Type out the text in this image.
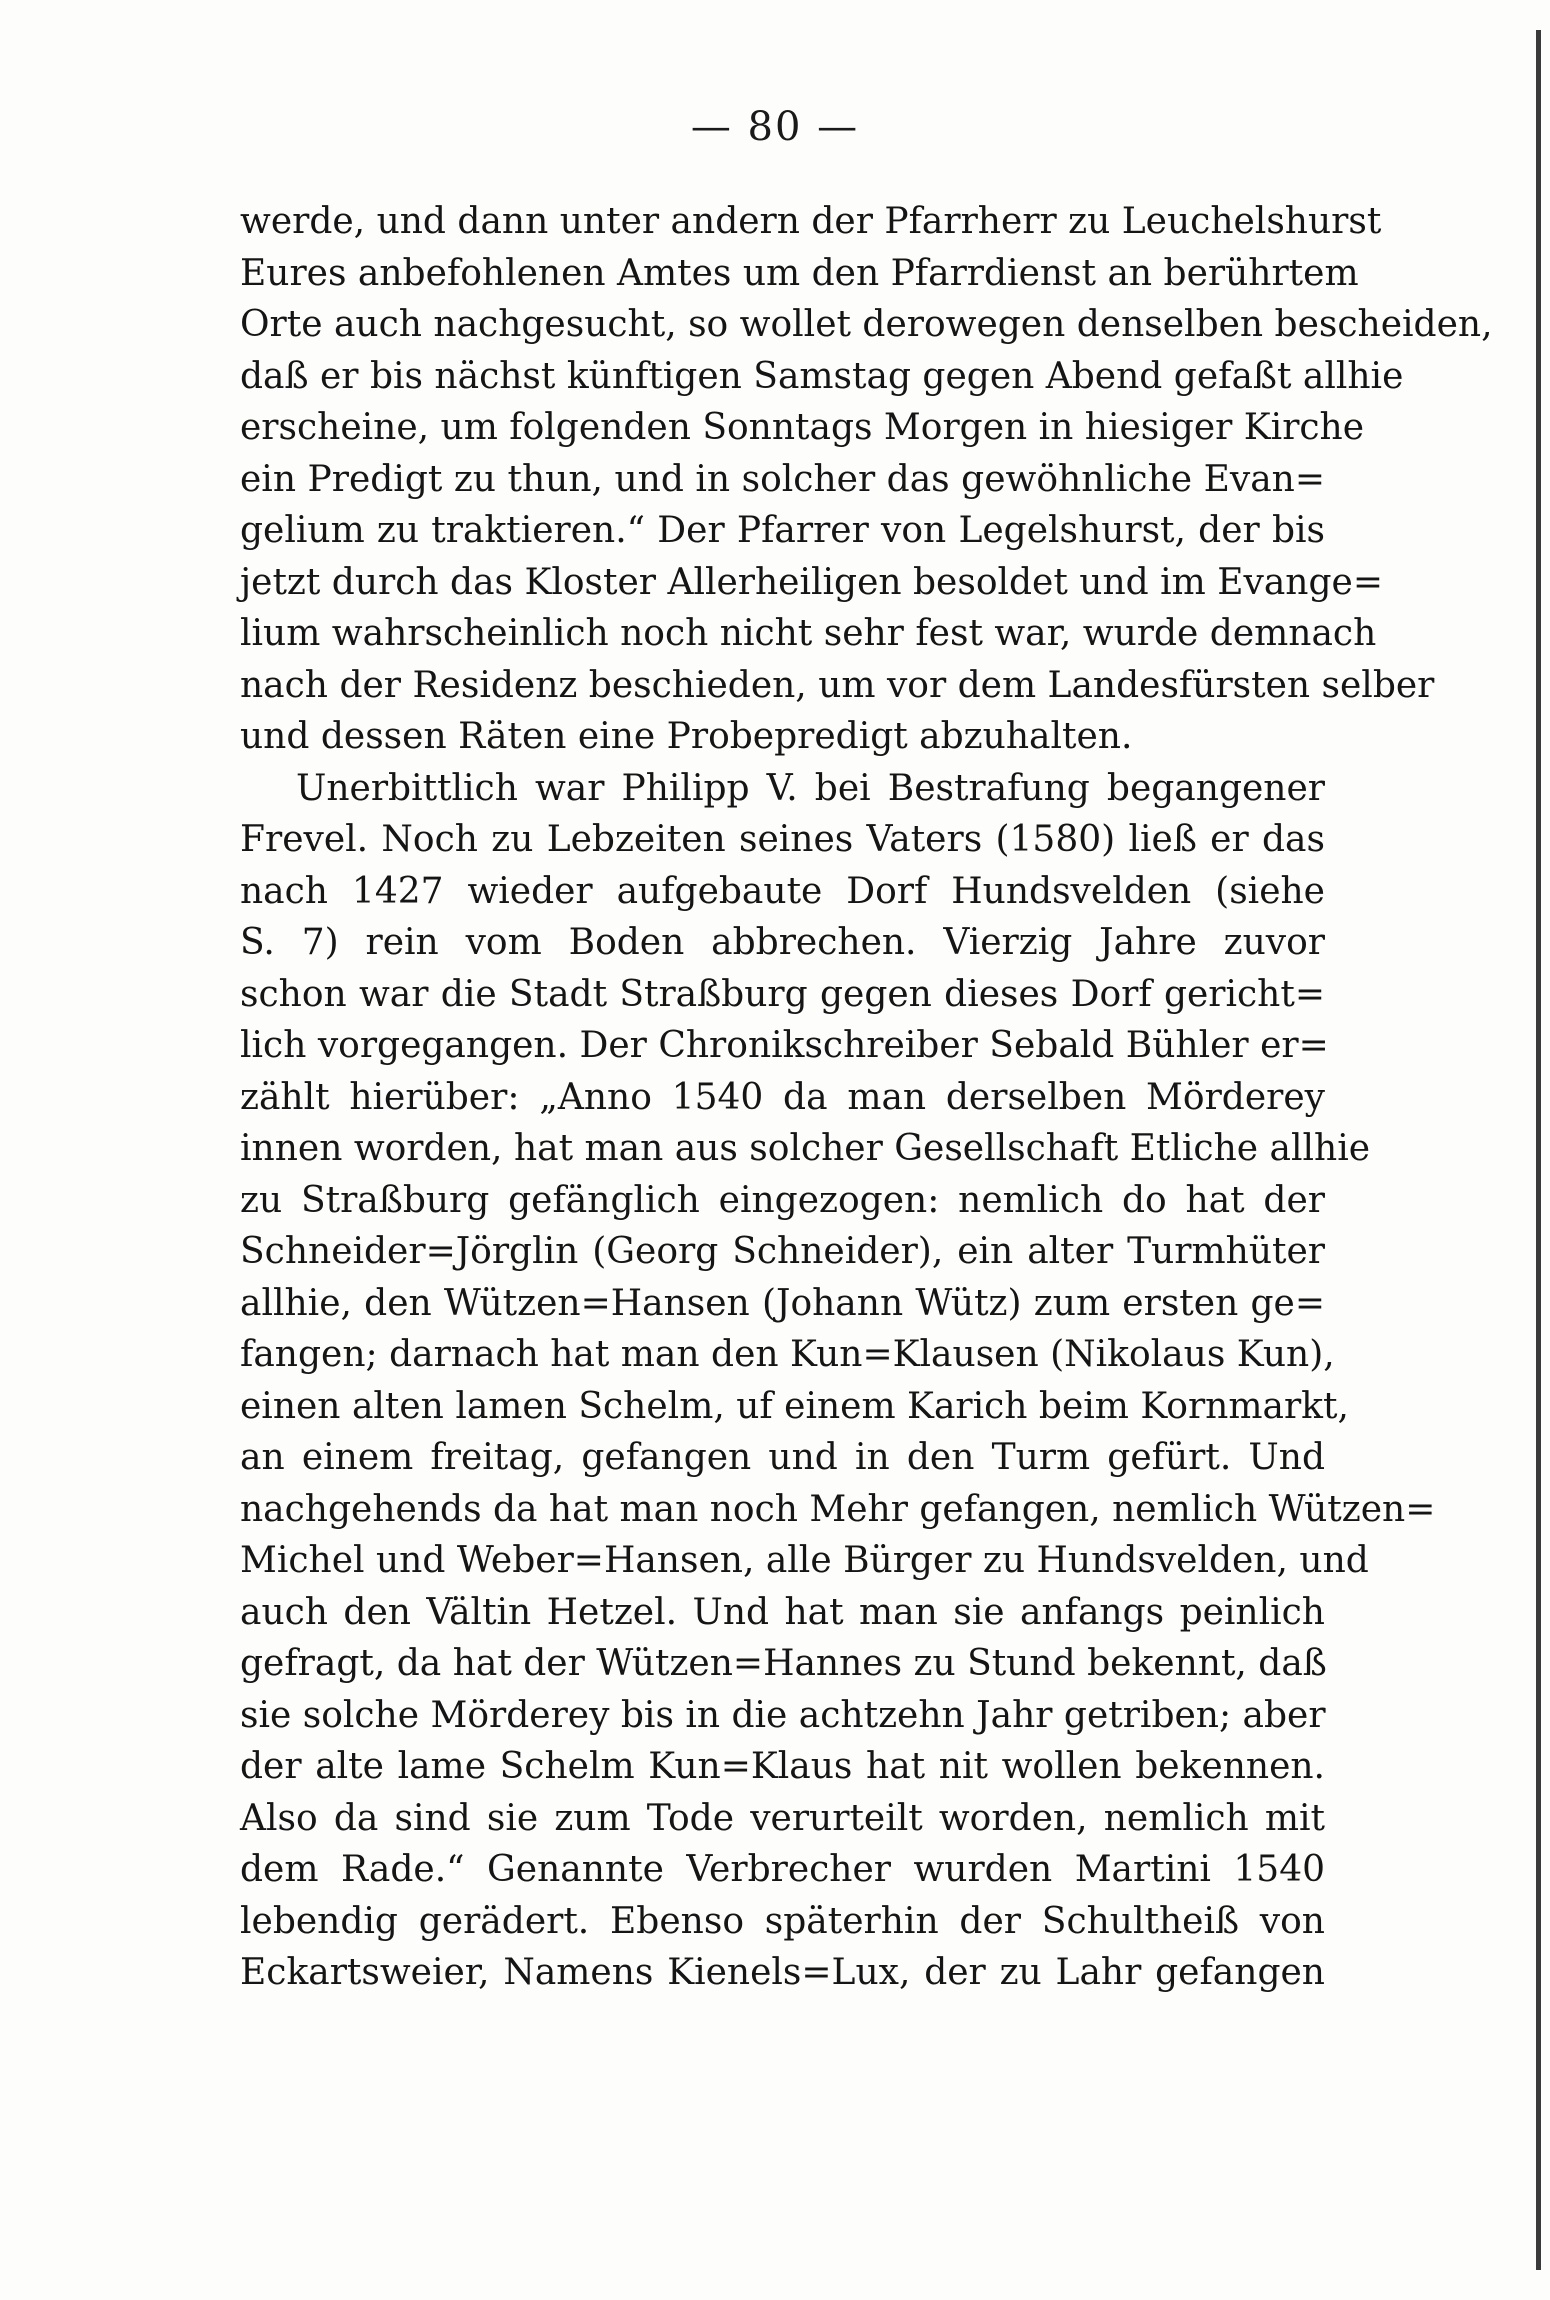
— 80 —
werde, und dann unter andern der Pfarrherr zu Leuchelshurst
Eures anbefohlenen Amtes um den Pfarrdienst an berührtem
Orte auch nachgesucht, so wollet derowegen denselben bescheiden,
daß er bis nächst künftigen Samstag gegen Abend gefaßt allhie
erscheine, um folgenden Sonntags Morgen in hiesiger Kirche
ein Predigt zu thun, und in solcher das gewöhnliche Evan=
gelium zu traktieren.“ Der Pfarrer von Legelshurst, der bis
jetzt durch das Kloster Allerheiligen besoldet und im Evange=
lium wahrscheinlich noch nicht sehr fest war, wurde demnach
nach der Residenz beschieden, um vor dem Landesfürsten selber
und dessen Räten eine Probepredigt abzuhalten.
Unerbittlich war Philipp V. bei Bestrafung begangener
Frevel. Noch zu Lebzeiten seines Vaters (1580) ließ er das
nach 1427 wieder aufgebaute Dorf Hundsvelden (siehe
S. 7) rein vom Boden abbrechen. Vierzig Jahre zuvor
schon war die Stadt Straßburg gegen dieses Dorf gericht=
lich vorgegangen. Der Chronikschreiber Sebald Bühler er=
zählt hierüber: „Anno 1540 da man derselben Mörderey
innen worden, hat man aus solcher Gesellschaft Etliche allhie
zu Straßburg gefänglich eingezogen: nemlich do hat der
Schneider=Jörglin (Georg Schneider), ein alter Turmhüter
allhie, den Wützen=Hansen (Johann Wütz) zum ersten ge=
fangen; darnach hat man den Kun=Klausen (Nikolaus Kun),
einen alten lamen Schelm, uf einem Karich beim Kornmarkt,
an einem freitag, gefangen und in den Turm gefürt. Und
nachgehends da hat man noch Mehr gefangen, nemlich Wützen=
Michel und Weber=Hansen, alle Bürger zu Hundsvelden, und
auch den Vältin Hetzel. Und hat man sie anfangs peinlich
gefragt, da hat der Wützen=Hannes zu Stund bekennt, daß
sie solche Mörderey bis in die achtzehn Jahr getriben; aber
der alte lame Schelm Kun=Klaus hat nit wollen bekennen.
Also da sind sie zum Tode verurteilt worden, nemlich mit
dem Rade.“ Genannte Verbrecher wurden Martini 1540
lebendig gerädert. Ebenso späterhin der Schultheiß von
Eckartsweier, Namens Kienels=Lux, der zu Lahr gefangen
